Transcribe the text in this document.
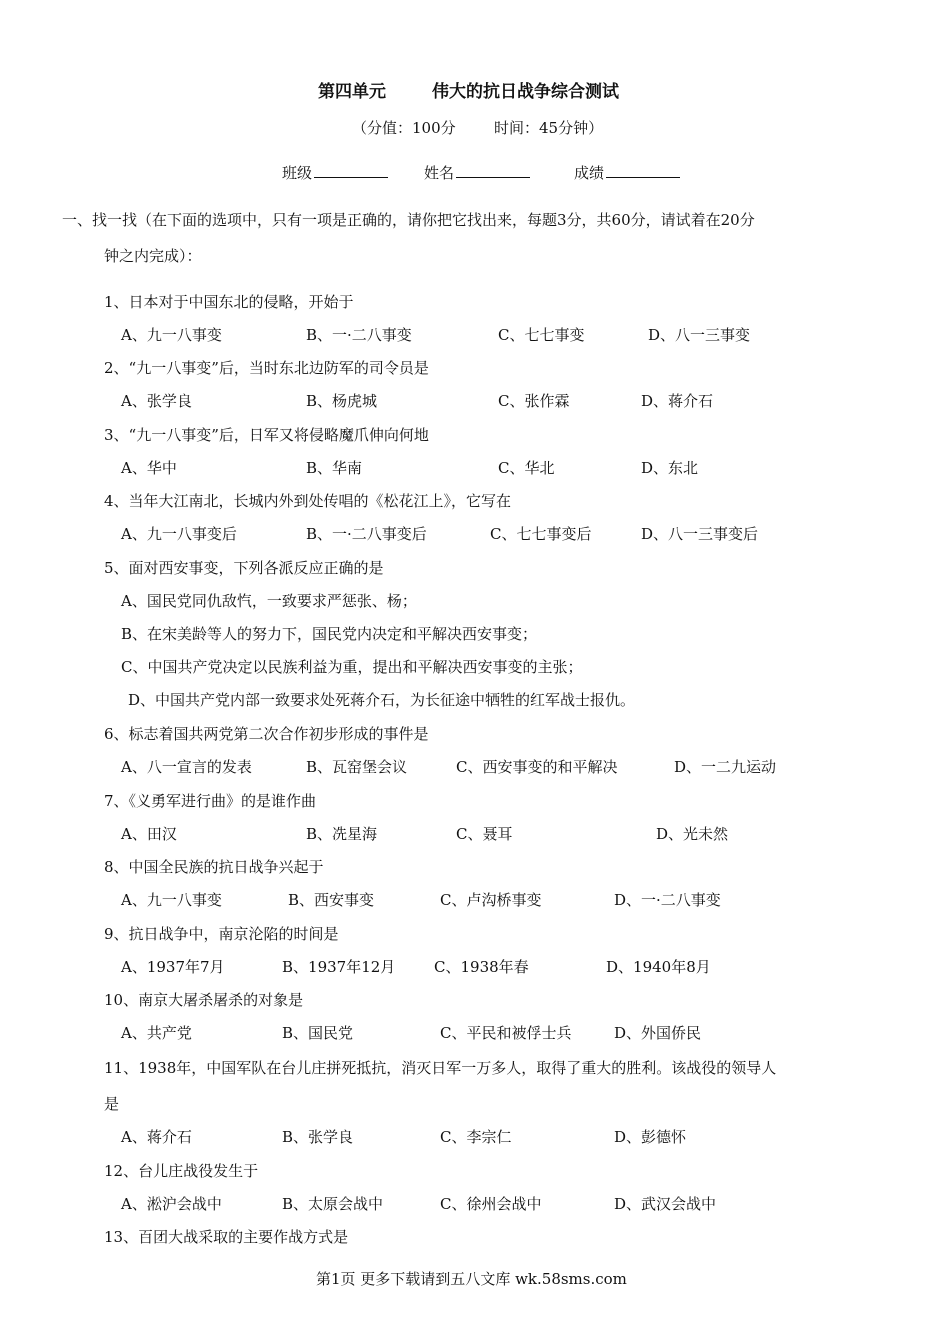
第四单元	伟大的抗日战争综合测试
（分值：100分	时间：45分钟）
班级	姓名	成绩
一、找一找（在下面的选项中，只有一项是正确的，请你把它找出来，每题3分，共60分，请试着在20分
钟之内完成）：
1、日本对于中国东北的侵略，开始于
A、九一八事变	B、一·二八事变	C、七七事变	D、八一三事变
2、“九一八事变”后，当时东北边防军的司令员是
A、张学良	B、杨虎城	C、张作霖	D、蒋介石
3、“九一八事变”后，日军又将侵略魔爪伸向何地
A、华中	B、华南	C、华北	D、东北
4、当年大江南北，长城内外到处传唱的《松花江上》，它写在
A、九一八事变后	B、一·二八事变后	C、七七事变后	D、八一三事变后
5、面对西安事变，下列各派反应正确的是
A、国民党同仇敌忾，一致要求严惩张、杨；
B、在宋美龄等人的努力下，国民党内决定和平解决西安事变；
C、中国共产党决定以民族利益为重，提出和平解决西安事变的主张；
D、中国共产党内部一致要求处死蒋介石，为长征途中牺牲的红军战士报仇。
6、标志着国共两党第二次合作初步形成的事件是
A、八一宣言的发表	B、瓦窑堡会议	C、西安事变的和平解决	D、一二九运动
7、《义勇军进行曲》的是谁作曲
A、田汉	B、冼星海	C、聂耳	D、光未然
8、中国全民族的抗日战争兴起于
A、九一八事变	B、西安事变	C、卢沟桥事变	D、一·二八事变
9、抗日战争中，南京沦陷的时间是
A、1937年7月	B、1937年12月	C、1938年春	D、1940年8月
10、南京大屠杀屠杀的对象是
A、共产党	B、国民党	C、平民和被俘士兵	D、外国侨民
11、1938年，中国军队在台儿庄拼死抵抗，消灭日军一万多人，取得了重大的胜利。该战役的领导人
是
A、蒋介石	B、张学良	C、李宗仁	D、彭德怀
12、台儿庄战役发生于
A、淞沪会战中	B、太原会战中	C、徐州会战中	D、武汉会战中
13、百团大战采取的主要作战方式是
第1页 更多下载请到五八文库 wk.58sms.com
